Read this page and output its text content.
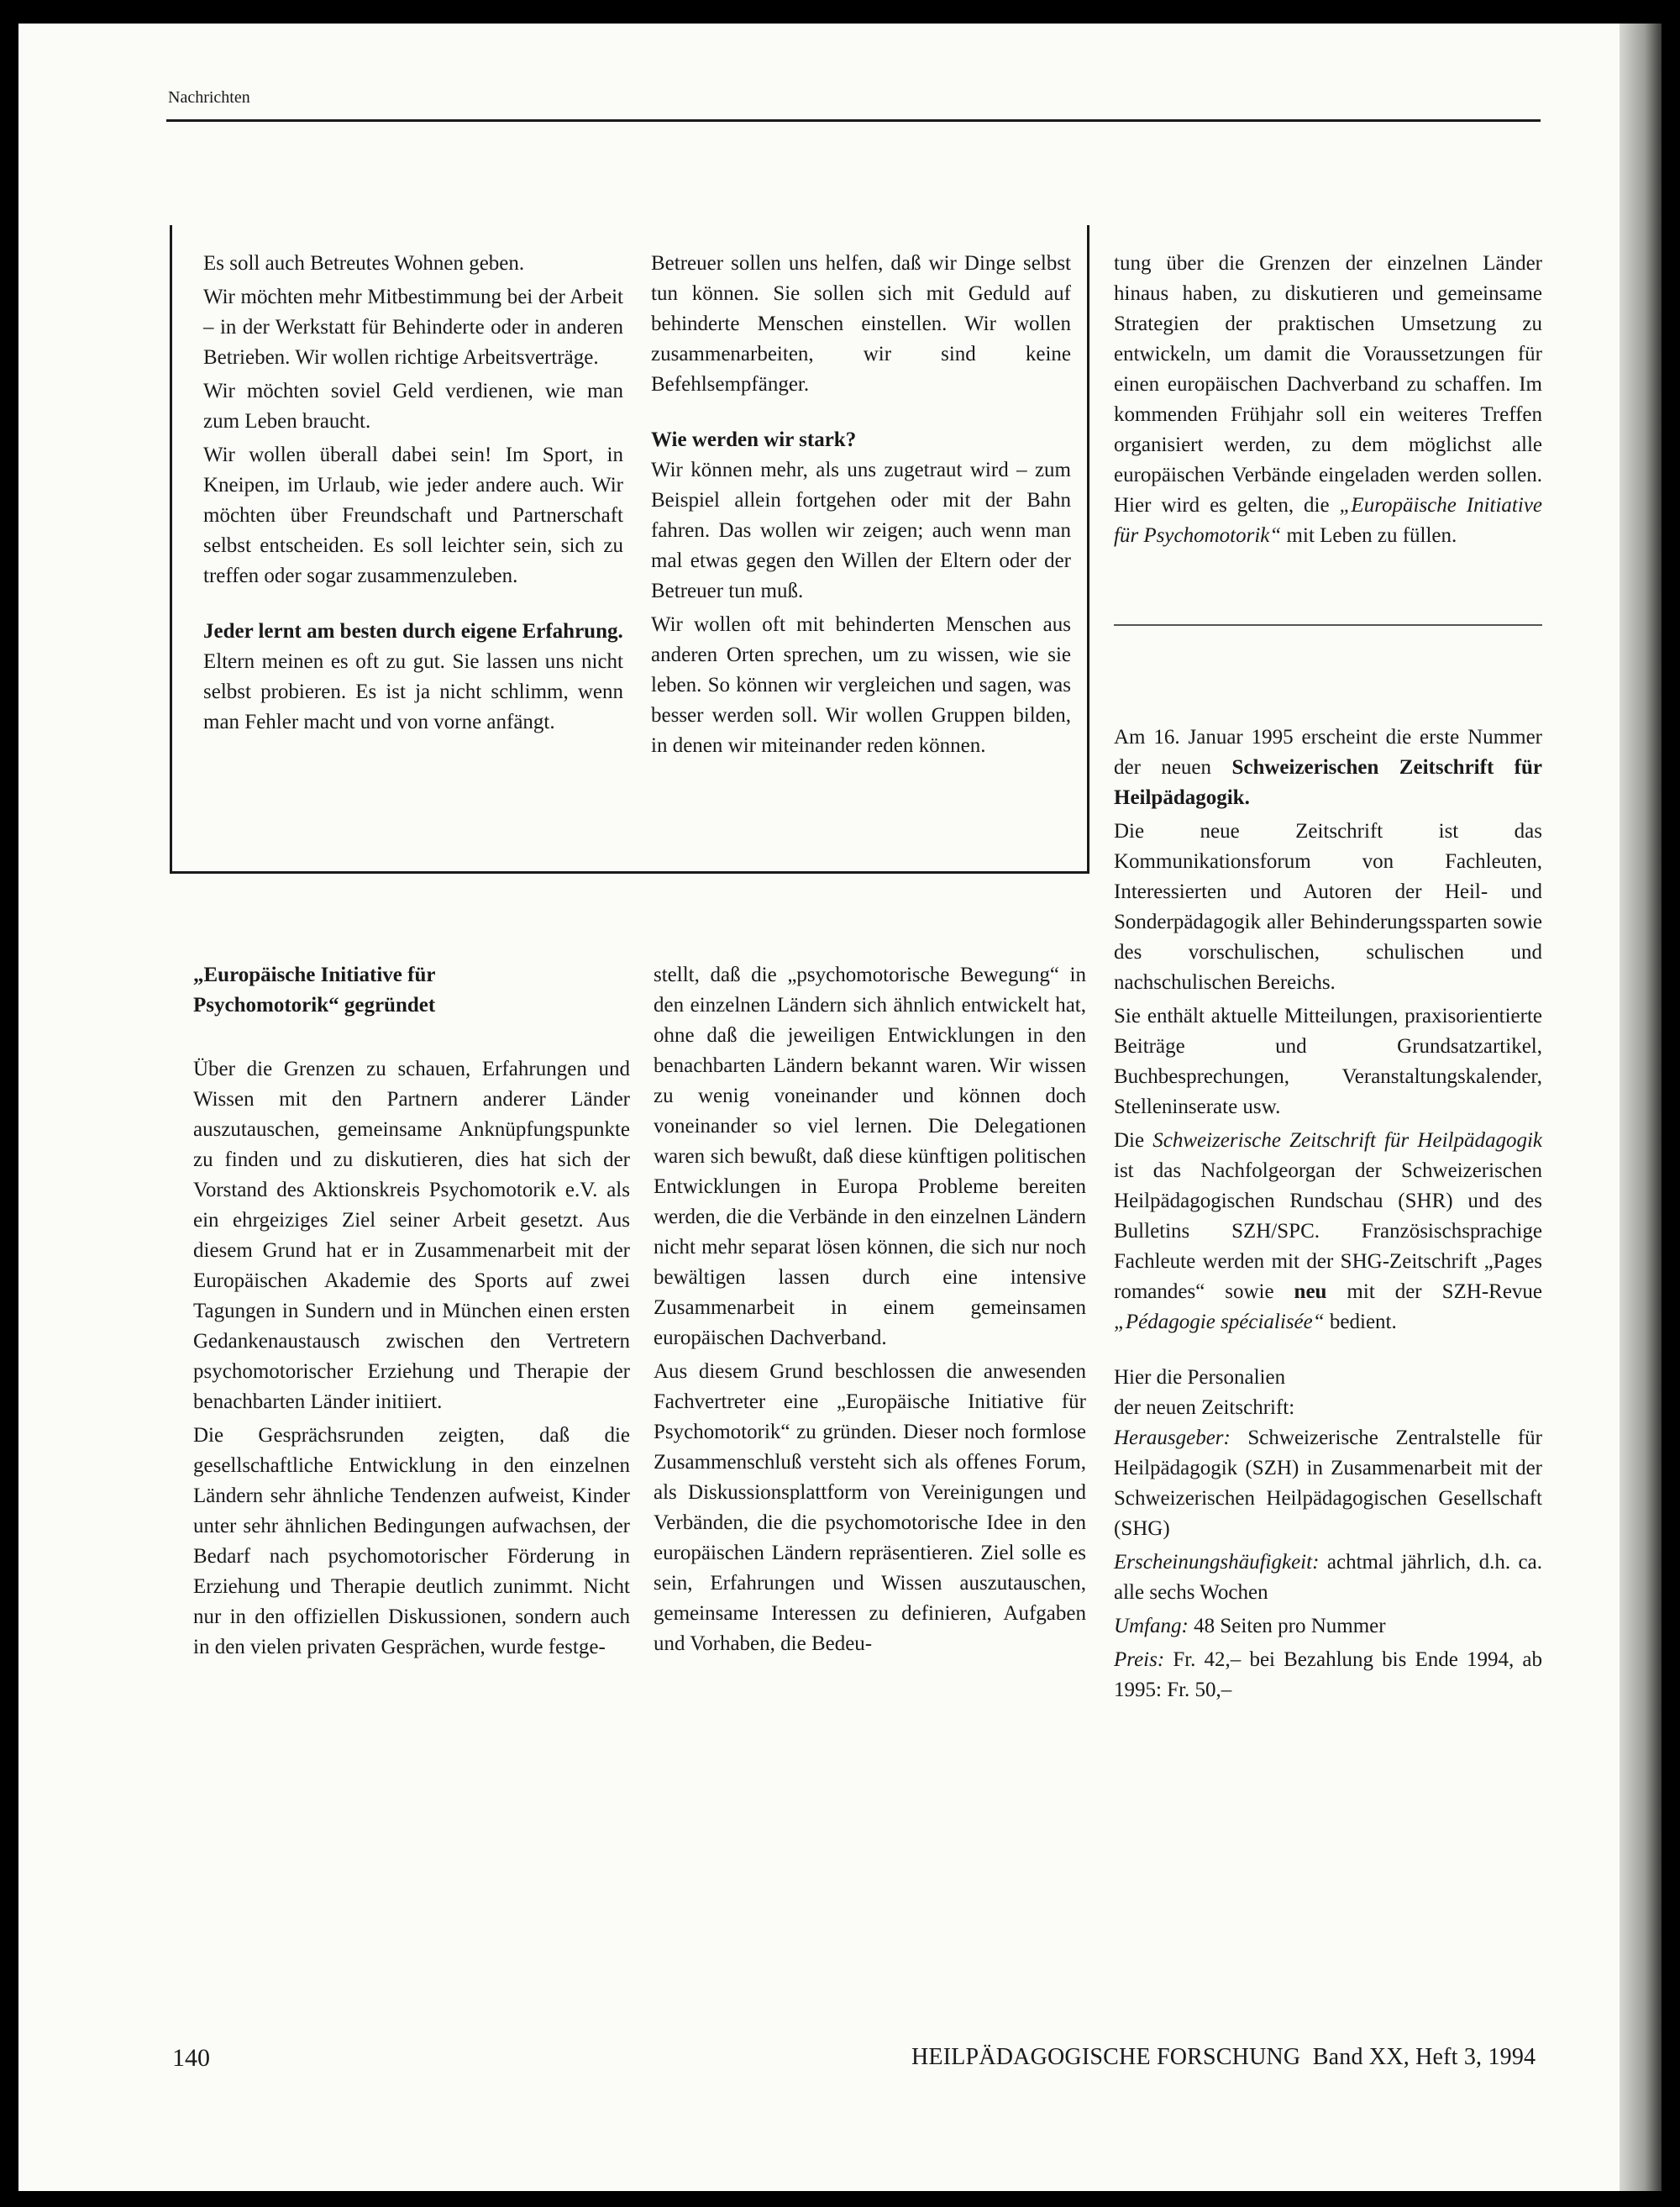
Nachrichten

Es soll auch Betreutes Wohnen geben.

Wir möchten mehr Mitbestimmung bei der Arbeit – in der Werkstatt für Behinderte oder in anderen Betrieben. Wir wollen richtige Arbeitsverträge.

Wir möchten soviel Geld verdienen, wie man zum Leben braucht.

Wir wollen überall dabei sein! Im Sport, in Kneipen, im Urlaub, wie jeder andere auch. Wir möchten über Freundschaft und Partnerschaft selbst entscheiden. Es soll leichter sein, sich zu treffen oder sogar zusammenzuleben.

Jeder lernt am besten durch eigene Erfahrung.

Eltern meinen es oft zu gut. Sie lassen uns nicht selbst probieren. Es ist ja nicht schlimm, wenn man Fehler macht und von vorne anfängt.

Betreuer sollen uns helfen, daß wir Dinge selbst tun können. Sie sollen sich mit Geduld auf behinderte Menschen einstellen. Wir wollen zusammenarbeiten, wir sind keine Befehlsempfänger.

Wie werden wir stark?

Wir können mehr, als uns zugetraut wird – zum Beispiel allein fortgehen oder mit der Bahn fahren. Das wollen wir zeigen; auch wenn man mal etwas gegen den Willen der Eltern oder der Betreuer tun muß.

Wir wollen oft mit behinderten Menschen aus anderen Orten sprechen, um zu wissen, wie sie leben. So können wir vergleichen und sagen, was besser werden soll. Wir wollen Gruppen bilden, in denen wir miteinander reden können.

tung über die Grenzen der einzelnen Länder hinaus haben, zu diskutieren und gemeinsame Strategien der praktischen Umsetzung zu entwickeln, um damit die Voraussetzungen für einen europäischen Dachverband zu schaffen. Im kommenden Frühjahr soll ein weiteres Treffen organisiert werden, zu dem möglichst alle europäischen Verbände eingeladen werden sollen. Hier wird es gelten, die „Europäische Initiative für Psychomotorik“ mit Leben zu füllen.

Am 16. Januar 1995 erscheint die erste Nummer der neuen Schweizerischen Zeitschrift für Heilpädagogik.

Die neue Zeitschrift ist das Kommunikationsforum von Fachleuten, Interessierten und Autoren der Heil- und Sonderpädagogik aller Behinderungssparten sowie des vorschulischen, schulischen und nachschulischen Bereichs.

Sie enthält aktuelle Mitteilungen, praxisorientierte Beiträge und Grundsatzartikel, Buchbesprechungen, Veranstaltungskalender, Stelleninserate usw.

Die Schweizerische Zeitschrift für Heilpädagogik ist das Nachfolgeorgan der Schweizerischen Heilpädagogischen Rundschau (SHR) und des Bulletins SZH/SPC. Französischsprachige Fachleute werden mit der SHG-Zeitschrift „Pages romandes“ sowie neu mit der SZH-Revue „Pédagogie spécialisée“ bedient.

Hier die Personalien
der neuen Zeitschrift:

Herausgeber: Schweizerische Zentralstelle für Heilpädagogik (SZH) in Zusammenarbeit mit der Schweizerischen Heilpädagogischen Gesellschaft (SHG)

Erscheinungshäufigkeit: achtmal jährlich, d.h. ca. alle sechs Wochen

Umfang: 48 Seiten pro Nummer

Preis: Fr. 42,– bei Bezahlung bis Ende 1994, ab 1995: Fr. 50,–

„Europäische Initiative für
Psychomotorik“ gegründet

Über die Grenzen zu schauen, Erfahrungen und Wissen mit den Partnern anderer Länder auszutauschen, gemeinsame Anknüpfungspunkte zu finden und zu diskutieren, dies hat sich der Vorstand des Aktionskreis Psychomotorik e.V. als ein ehrgeiziges Ziel seiner Arbeit gesetzt. Aus diesem Grund hat er in Zusammenarbeit mit der Europäischen Akademie des Sports auf zwei Tagungen in Sundern und in München einen ersten Gedankenaustausch zwischen den Vertretern psychomotorischer Erziehung und Therapie der benachbarten Länder initiiert.

Die Gesprächsrunden zeigten, daß die gesellschaftliche Entwicklung in den einzelnen Ländern sehr ähnliche Tendenzen aufweist, Kinder unter sehr ähnlichen Bedingungen aufwachsen, der Bedarf nach psychomotorischer Förderung in Erziehung und Therapie deutlich zunimmt. Nicht nur in den offiziellen Diskussionen, sondern auch in den vielen privaten Gesprächen, wurde festge-

stellt, daß die „psychomotorische Bewegung“ in den einzelnen Ländern sich ähnlich entwickelt hat, ohne daß die jeweiligen Entwicklungen in den benachbarten Ländern bekannt waren. Wir wissen zu wenig voneinander und können doch voneinander so viel lernen. Die Delegationen waren sich bewußt, daß diese künftigen politischen Entwicklungen in Europa Probleme bereiten werden, die die Verbände in den einzelnen Ländern nicht mehr separat lösen können, die sich nur noch bewältigen lassen durch eine intensive Zusammenarbeit in einem gemeinsamen europäischen Dachverband.

Aus diesem Grund beschlossen die anwesenden Fachvertreter eine „Europäische Initiative für Psychomotorik“ zu gründen. Dieser noch formlose Zusammenschluß versteht sich als offenes Forum, als Diskussionsplattform von Vereinigungen und Verbänden, die die psychomotorische Idee in den europäischen Ländern repräsentieren. Ziel solle es sein, Erfahrungen und Wissen auszutauschen, gemeinsame Interessen zu definieren, Aufgaben und Vorhaben, die Bedeu-

140	HEILPÄDAGOGISCHE FORSCHUNG  Band XX, Heft 3, 1994
